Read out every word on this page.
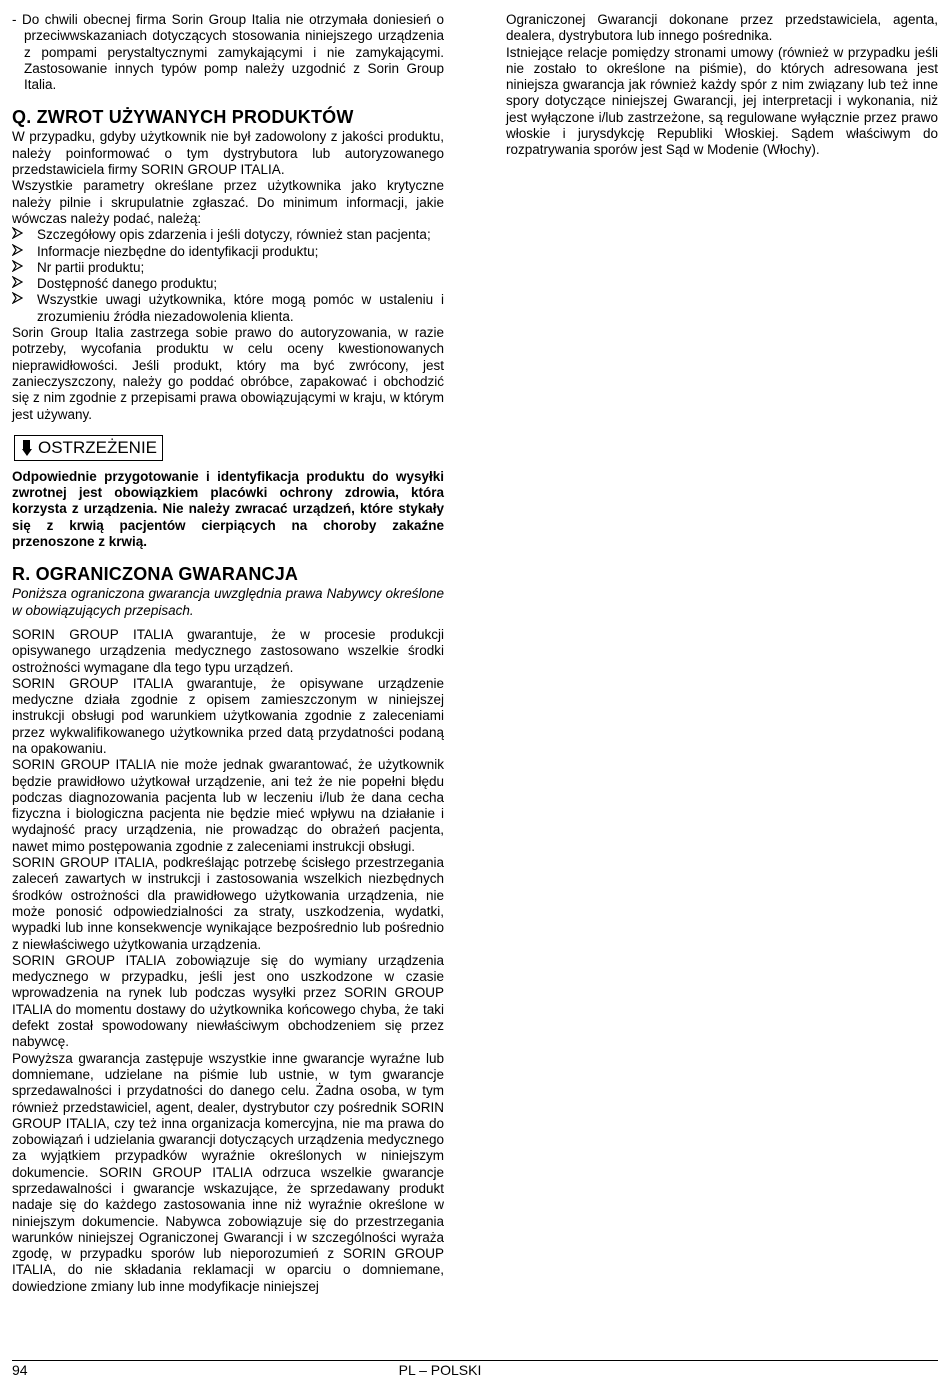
- Do chwili obecnej firma Sorin Group Italia nie otrzymała doniesień o przeciwwskazaniach dotyczących stosowania niniejszego urządzenia z pompami perystaltycznymi zamykającymi i nie zamykającymi. Zastosowanie innych typów pomp należy uzgodnić z Sorin Group Italia.

Q. ZWROT UŻYWANYCH PRODUKTÓW

W przypadku, gdyby użytkownik nie był zadowolony z jakości produktu, należy poinformować o tym dystrybutora lub autoryzowanego przedstawiciela firmy SORIN GROUP ITALIA.

Wszystkie parametry określane przez użytkownika jako krytyczne należy pilnie i skrupulatnie zgłaszać. Do minimum informacji, jakie wówczas należy podać, należą:

Szczegółowy opis zdarzenia i jeśli dotyczy, również stan pacjenta;
Informacje niezbędne do identyfikacji produktu;
Nr partii produktu;
Dostępność danego produktu;
Wszystkie uwagi użytkownika, które mogą pomóc w ustaleniu i zrozumieniu źródła niezadowolenia klienta.

Sorin Group Italia zastrzega sobie prawo do autoryzowania, w razie potrzeby, wycofania produktu w celu oceny kwestionowanych nieprawidłowości. Jeśli produkt, który ma być zwrócony, jest zanieczyszczony, należy go poddać obróbce, zapakować i obchodzić się z nim zgodnie z przepisami prawa obowiązującymi w kraju, w którym jest używany.

OSTRZEŻENIE

Odpowiednie przygotowanie i identyfikacja produktu do wysyłki zwrotnej jest obowiązkiem placówki ochrony zdrowia, która korzysta z urządzenia. Nie należy zwracać urządzeń, które stykały się z krwią pacjentów cierpiących na choroby zakaźne przenoszone z krwią.

R. OGRANICZONA GWARANCJA

Poniższa ograniczona gwarancja uwzględnia prawa Nabywcy określone w obowiązujących przepisach.

SORIN GROUP ITALIA gwarantuje, że w procesie produkcji opisywanego urządzenia medycznego zastosowano wszelkie środki ostrożności wymagane dla tego typu urządzeń.

SORIN GROUP ITALIA gwarantuje, że opisywane urządzenie medyczne działa zgodnie z opisem zamieszczonym w niniejszej instrukcji obsługi pod warunkiem użytkowania zgodnie z zaleceniami przez wykwalifikowanego użytkownika przed datą przydatności podaną na opakowaniu.

SORIN GROUP ITALIA nie może jednak gwarantować, że użytkownik będzie prawidłowo użytkował urządzenie, ani też że nie popełni błędu podczas diagnozowania pacjenta lub w leczeniu i/lub że dana cecha fizyczna i biologiczna pacjenta nie będzie mieć wpływu na działanie i wydajność pracy urządzenia, nie prowadząc do obrażeń pacjenta, nawet mimo postępowania zgodnie z zaleceniami instrukcji obsługi.

SORIN GROUP ITALIA, podkreślając potrzebę ścisłego przestrzegania zaleceń zawartych w instrukcji i zastosowania wszelkich niezbędnych środków ostrożności dla prawidłowego użytkowania urządzenia, nie może ponosić odpowiedzialności za straty, uszkodzenia, wydatki, wypadki lub inne konsekwencje wynikające bezpośrednio lub pośrednio z niewłaściwego użytkowania urządzenia.

SORIN GROUP ITALIA zobowiązuje się do wymiany urządzenia medycznego w przypadku, jeśli jest ono uszkodzone w czasie wprowadzenia na rynek lub podczas wysyłki przez SORIN GROUP ITALIA do momentu dostawy do użytkownika końcowego chyba, że taki defekt został spowodowany niewłaściwym obchodzeniem się przez nabywcę.

Powyższa gwarancja zastępuje wszystkie inne gwarancje wyraźne lub domniemane, udzielane na piśmie lub ustnie, w tym gwarancje sprzedawalności i przydatności do danego celu. Żadna osoba, w tym również przedstawiciel, agent, dealer, dystrybutor czy pośrednik SORIN GROUP ITALIA, czy też inna organizacja komercyjna, nie ma prawa do zobowiązań i udzielania gwarancji dotyczących urządzenia medycznego za wyjątkiem przypadków wyraźnie określonych w niniejszym dokumencie. SORIN GROUP ITALIA odrzuca wszelkie gwarancje sprzedawalności i gwarancje wskazujące, że sprzedawany produkt nadaje się do każdego zastosowania inne niż wyraźnie określone w niniejszym dokumencie. Nabywca zobowiązuje się do przestrzegania warunków niniejszej Ograniczonej Gwarancji i w szczególności wyraża zgodę, w przypadku sporów lub nieporozumień z SORIN GROUP ITALIA, do nie składania reklamacji w oparciu o domniemane, dowiedzione zmiany lub inne modyfikacje niniejszej

Ograniczonej Gwarancji dokonane przez przedstawiciela, agenta, dealera, dystrybutora lub innego pośrednika.

Istniejące relacje pomiędzy stronami umowy (również w przypadku jeśli nie zostało to określone na piśmie), do których adresowana jest niniejsza gwarancja jak również każdy spór z nim związany lub też inne spory dotyczące niniejszej Gwarancji, jej interpretacji i wykonania, niż jest wyłączone i/lub zastrzeżone, są regulowane wyłącznie przez prawo włoskie i jurysdykcję Republiki Włoskiej. Sądem właściwym do rozpatrywania sporów jest Sąd w Modenie (Włochy).

94	PL – POLSKI
